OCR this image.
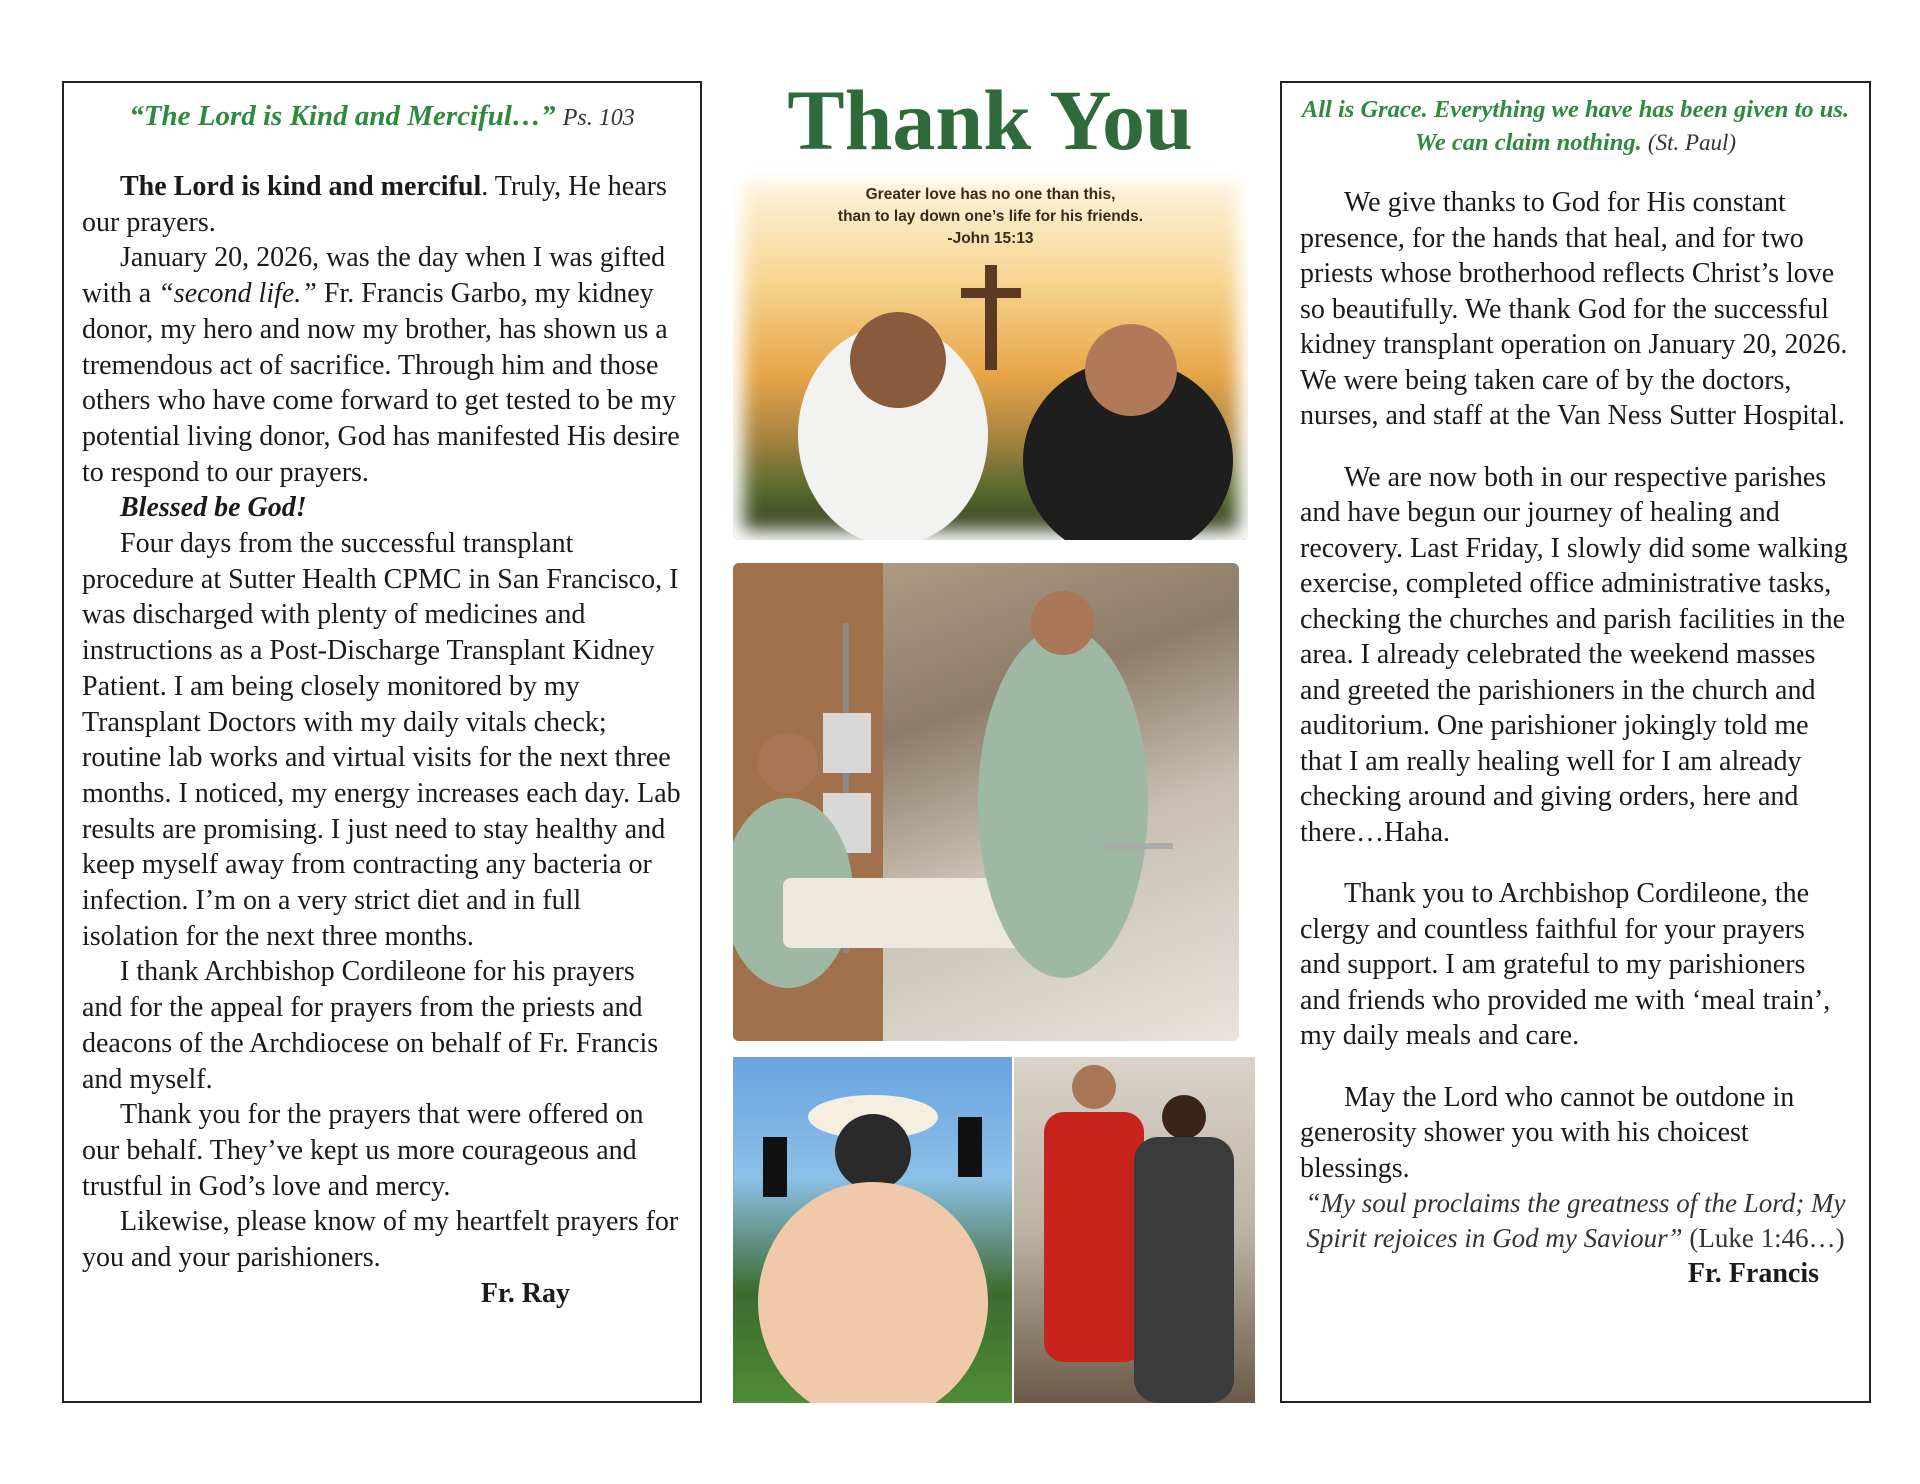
“The Lord is Kind and Merciful…” Ps. 103
The Lord is kind and merciful. Truly, He hears our prayers.
January 20, 2026, was the day when I was gifted with a “second life.” Fr. Francis Garbo, my kidney donor, my hero and now my brother, has shown us a tremendous act of sacrifice. Through him and those others who have come forward to get tested to be my potential living donor, God has manifested His desire to respond to our prayers.
Blessed be God!
Four days from the successful transplant procedure at Sutter Health CPMC in San Francisco, I was discharged with plenty of medicines and instructions as a Post-Discharge Transplant Kidney Patient. I am being closely monitored by my Transplant Doctors with my daily vitals check; routine lab works and virtual visits for the next three months. I noticed, my energy increases each day. Lab results are promising. I just need to stay healthy and keep myself away from contracting any bacteria or infection. I’m on a very strict diet and in full isolation for the next three months.
I thank Archbishop Cordileone for his prayers and for the appeal for prayers from the priests and deacons of the Archdiocese on behalf of Fr. Francis and myself.
Thank you for the prayers that were offered on our behalf. They’ve kept us more courageous and trustful in God’s love and mercy.
Likewise, please know of my heartfelt prayers for you and your parishioners.
Fr. Ray
Thank You
Greater love has no one than this,
than to lay down one’s life for his friends.
-John 15:13
All is Grace. Everything we have has been given to us. We can claim nothing. (St. Paul)

We give thanks to God for His constant presence, for the hands that heal, and for two priests whose brotherhood reflects Christ’s love so beautifully. We thank God for the successful kidney transplant operation on January 20, 2026. We were being taken care of by the doctors, nurses, and staff at the Van Ness Sutter Hospital.

We are now both in our respective parishes and have begun our journey of healing and recovery. Last Friday, I slowly did some walking exercise, completed office administrative tasks, checking the churches and parish facilities in the area. I already celebrated the weekend masses and greeted the parishioners in the church and auditorium. One parishioner jokingly told me that I am really healing well for I am already checking around and giving orders, here and there…Haha.

Thank you to Archbishop Cordileone, the clergy and countless faithful for your prayers and support. I am grateful to my parishioners and friends who provided me with ‘meal train’, my daily meals and care.

May the Lord who cannot be outdone in generosity shower you with his choicest blessings.

“My soul proclaims the greatness of the Lord; My Spirit rejoices in God my Saviour” (Luke 1:46…)
Fr. Francis
